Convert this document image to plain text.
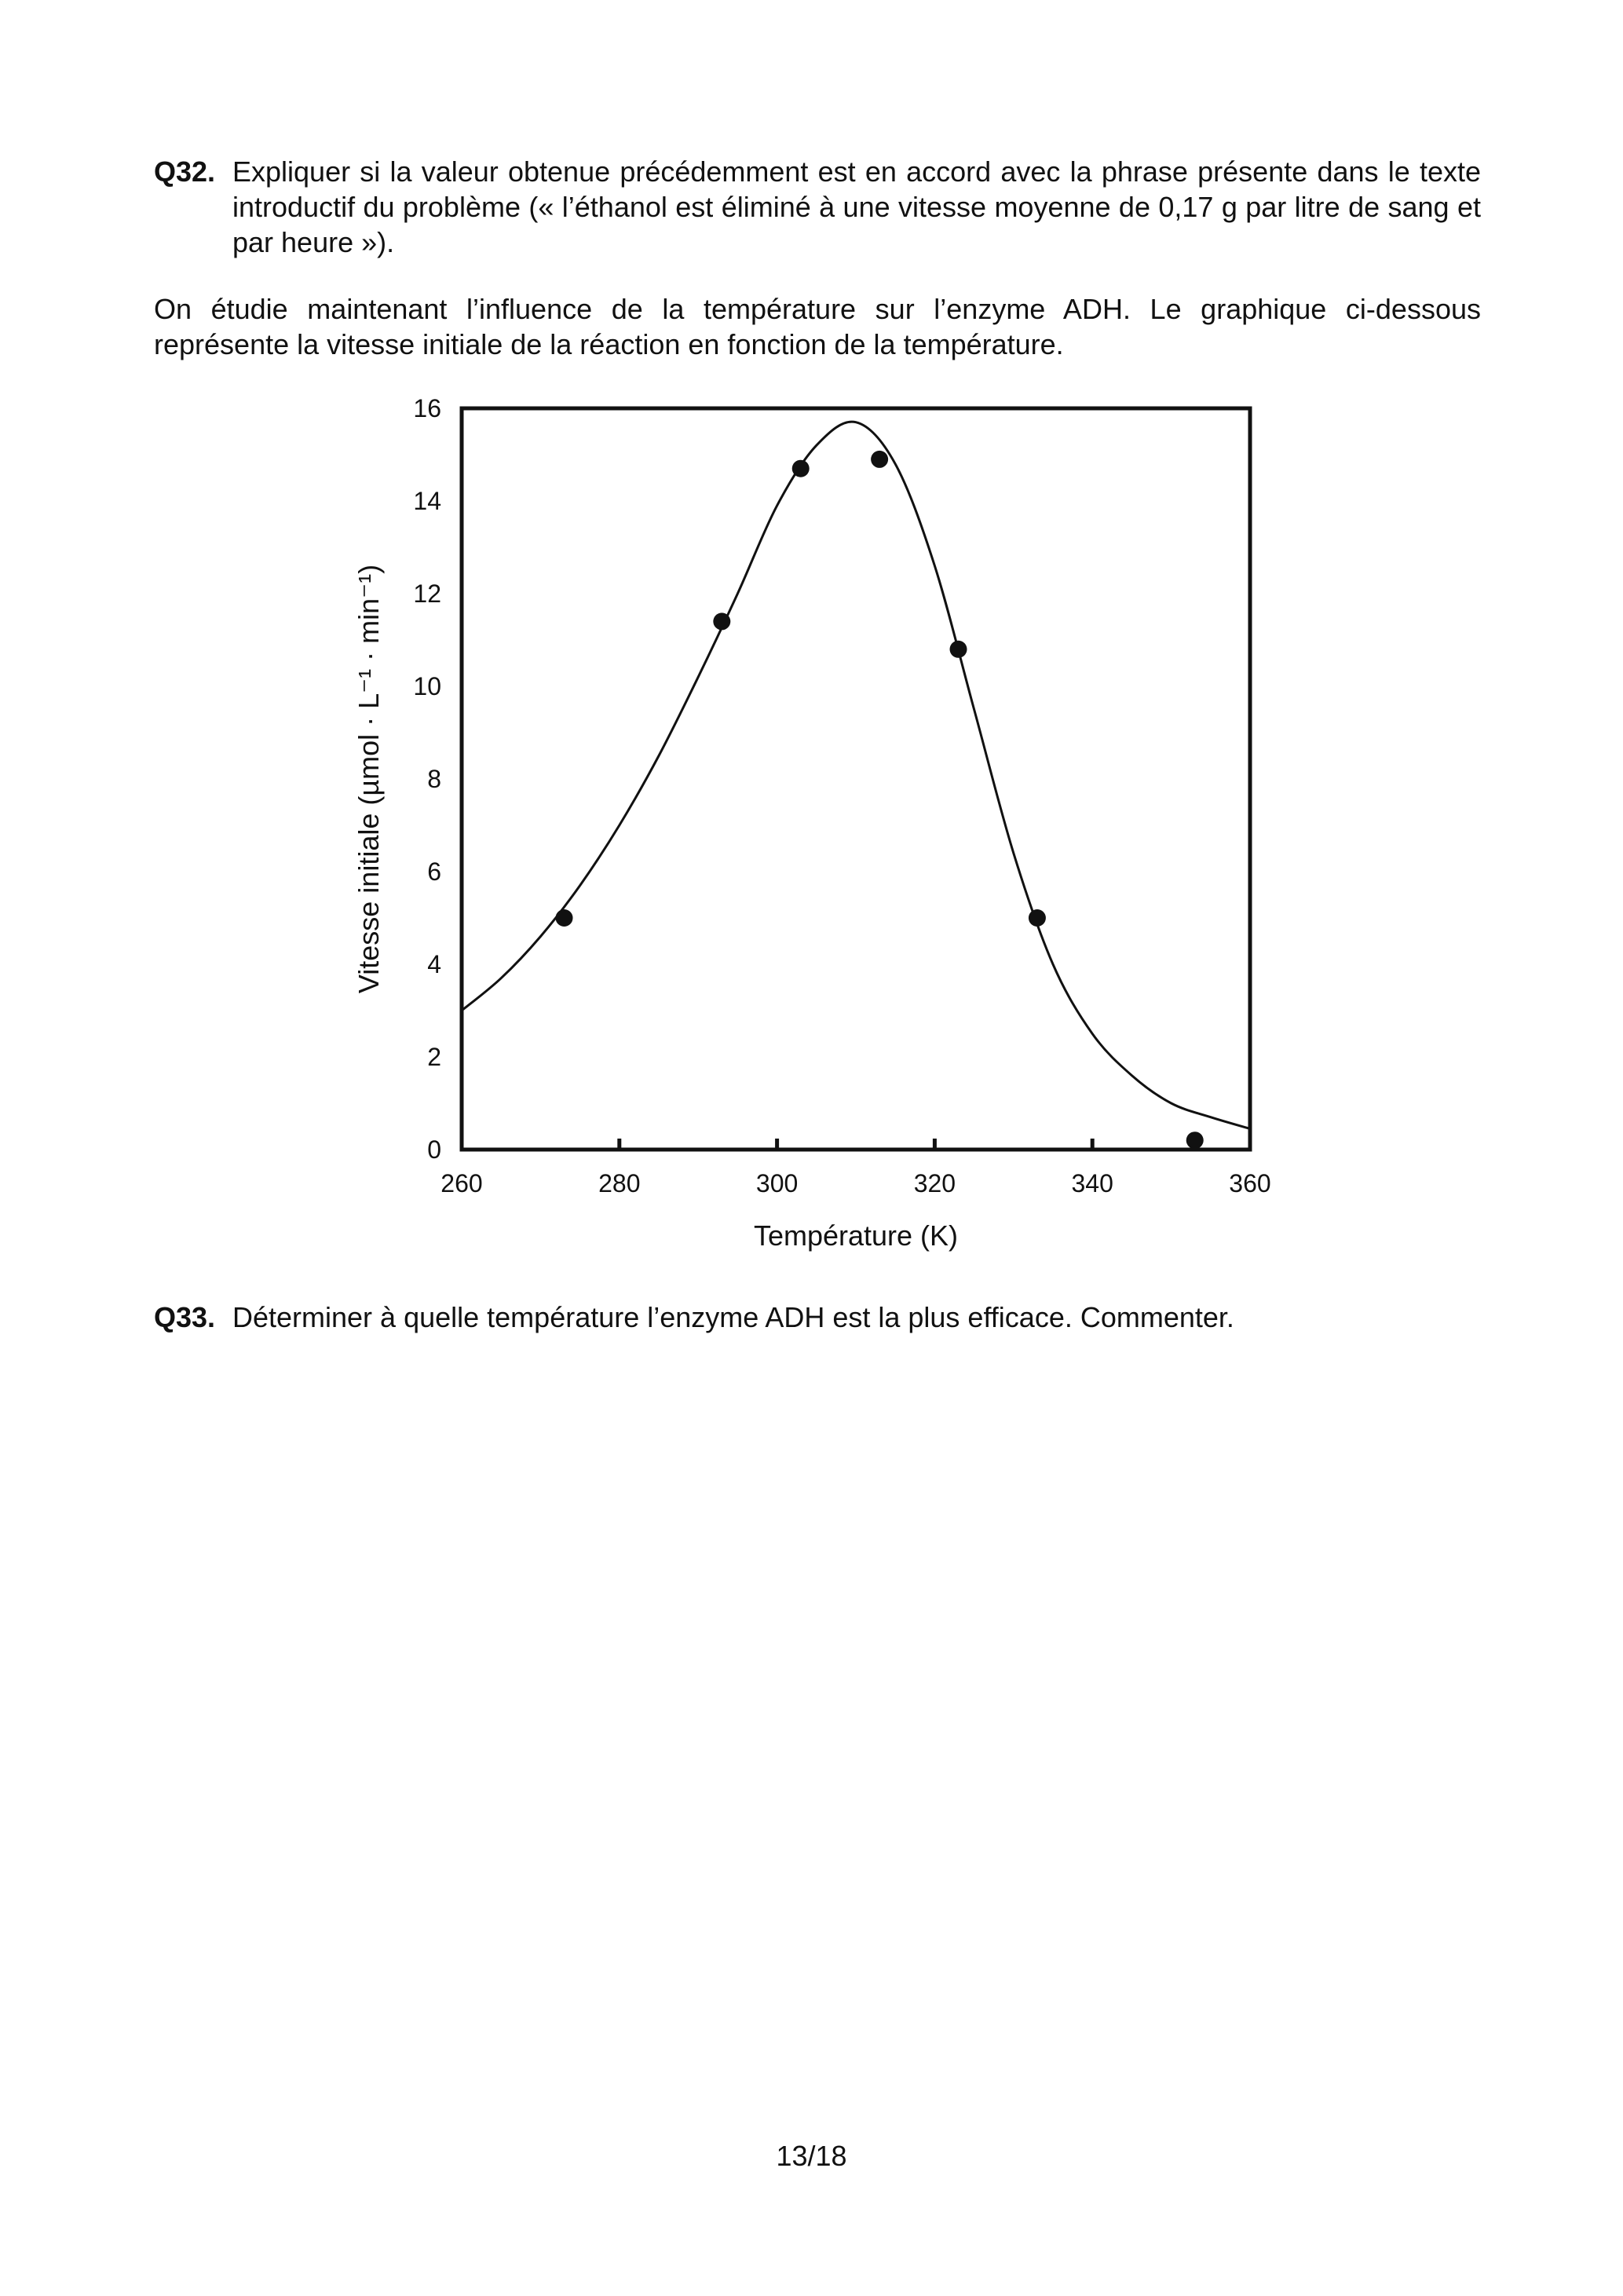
Q32. Expliquer si la valeur obtenue précédemment est en accord avec la phrase présente dans le texte introductif du problème (« l’éthanol est éliminé à une vitesse moyenne de 0,17 g par litre de sang et par heure »).
On étudie maintenant l’influence de la température sur l’enzyme ADH. Le graphique ci-dessous
représente la vitesse initiale de la réaction en fonction de la température.
260	280	300	320	340	360
0
2
4
6
8
10
12
14
16
Température (K)
Vitesse initiale (µmol · L⁻¹ · min⁻¹)
Q33. Déterminer à quelle température l’enzyme ADH est la plus efficace. Commenter.
13/18
